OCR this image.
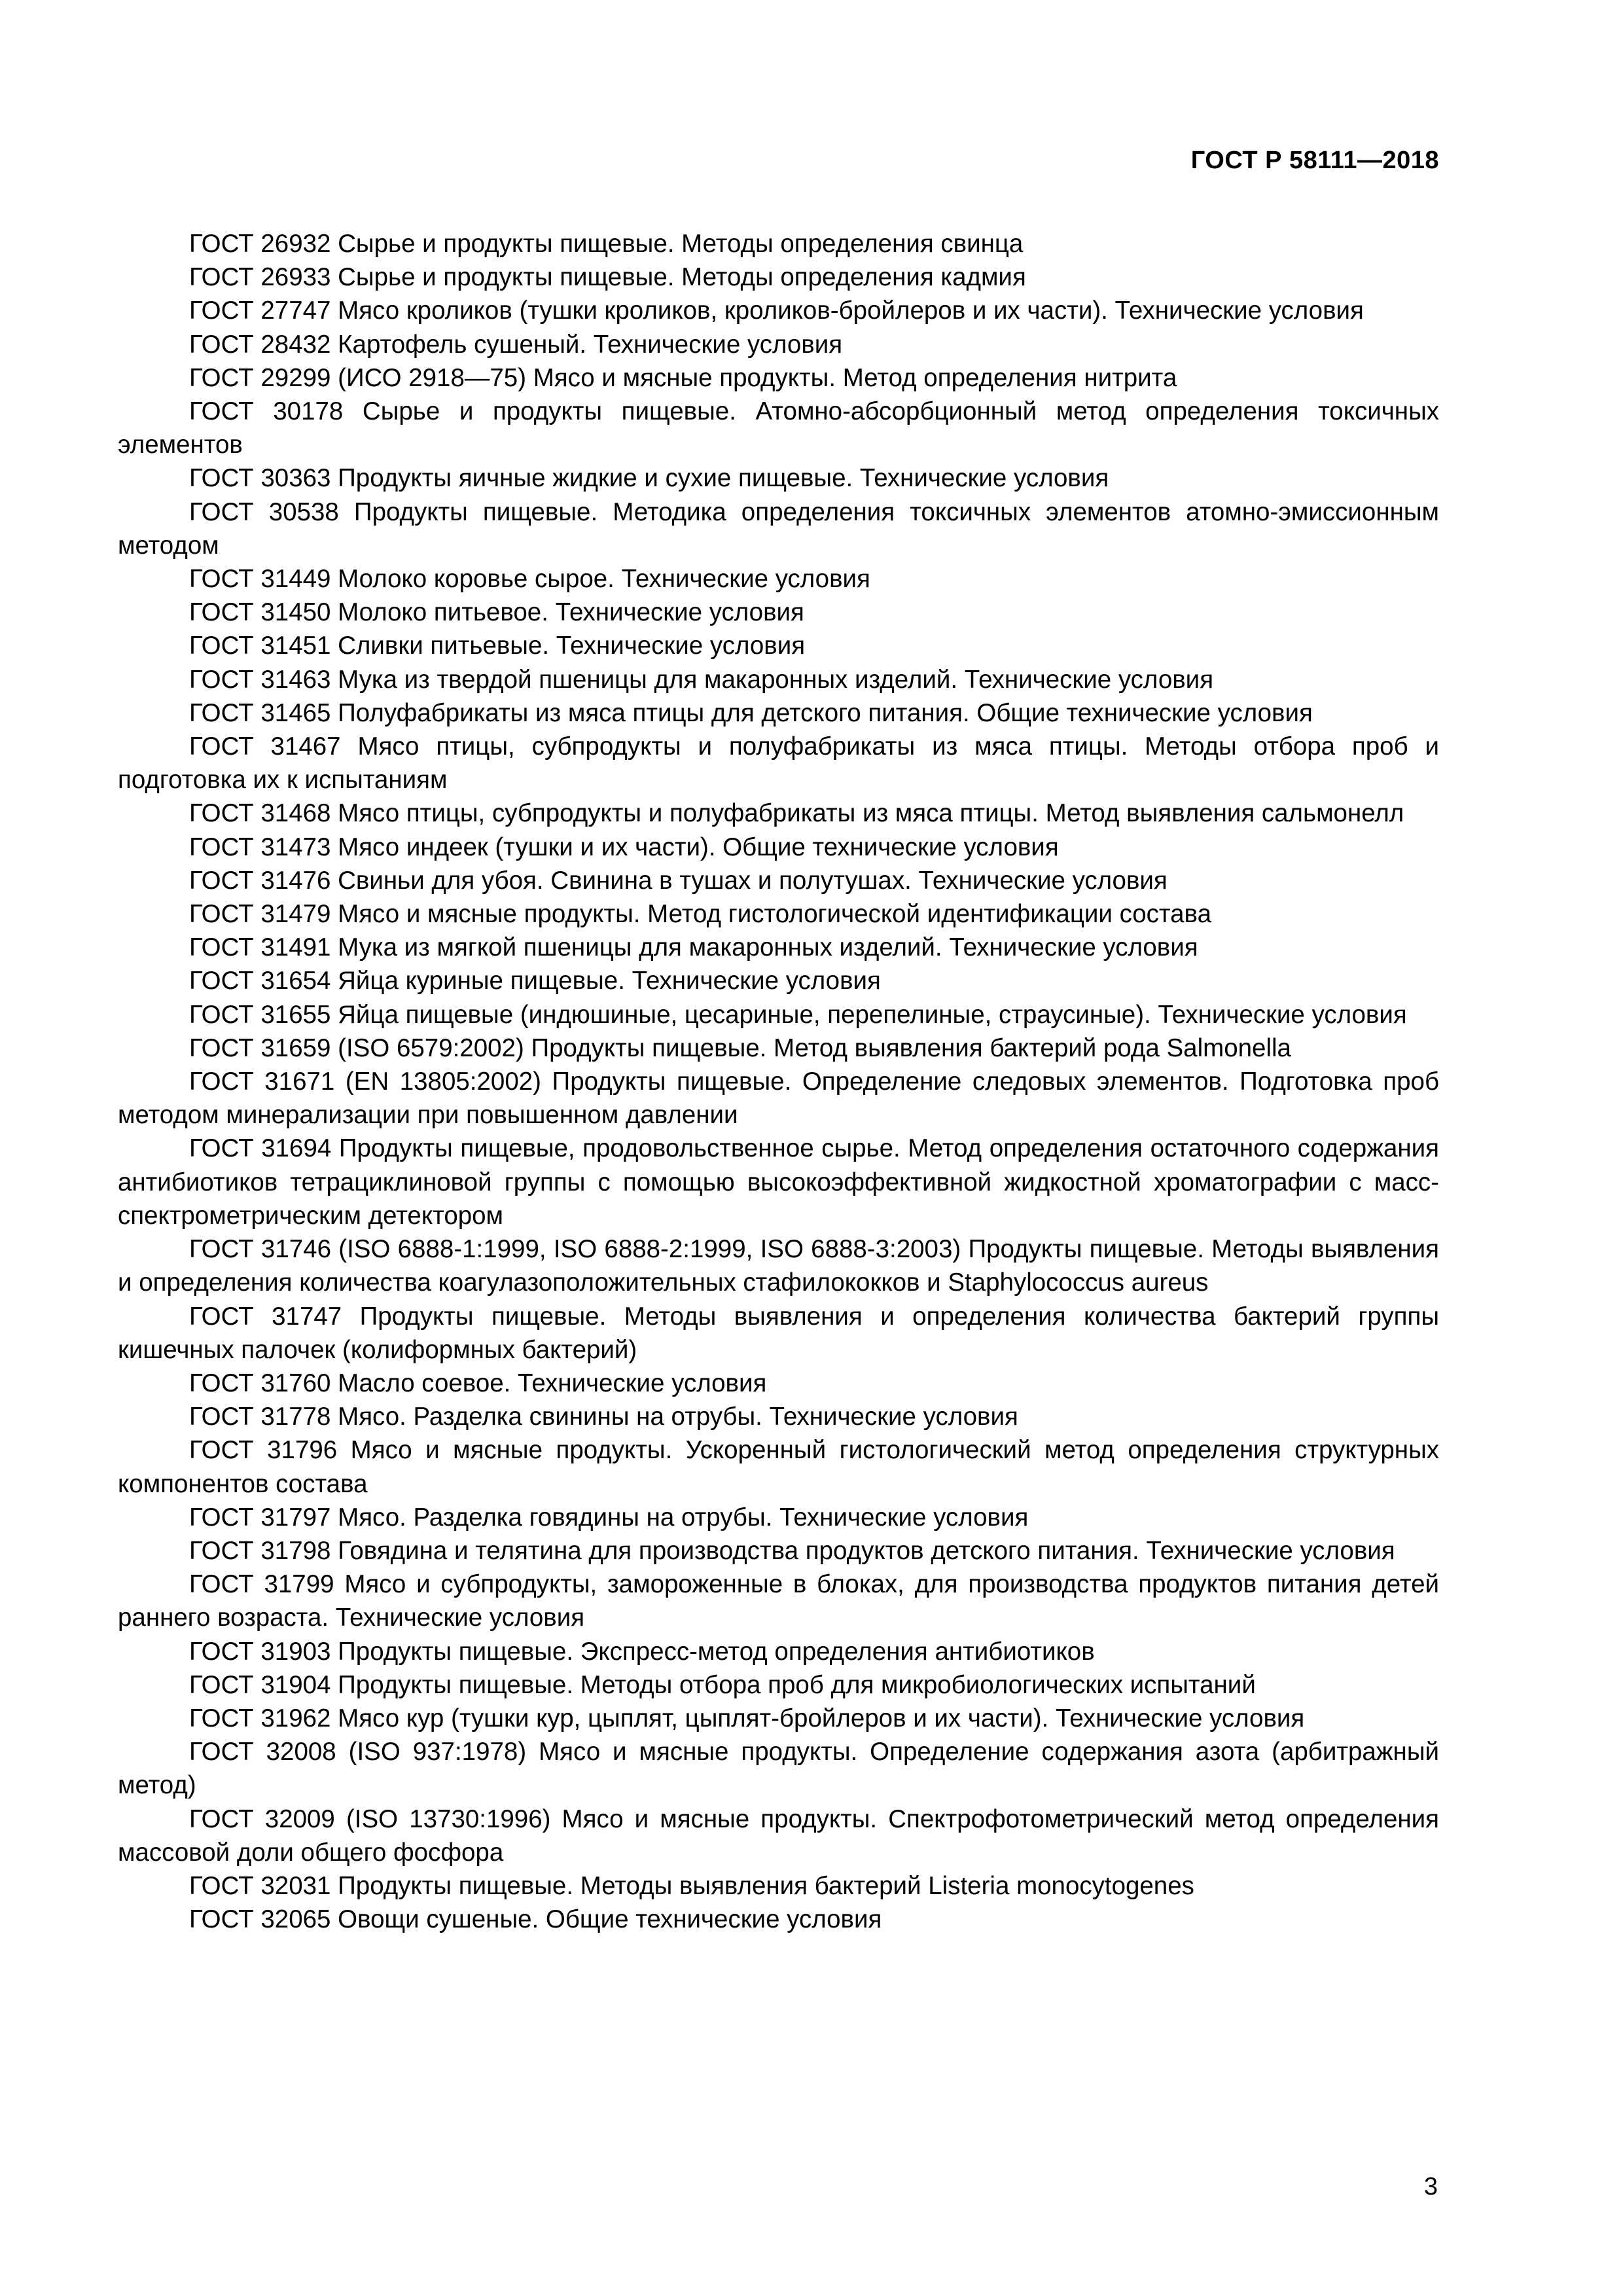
ГОСТ Р 58111—2018

ГОСТ 26932 Сырье и продукты пищевые. Методы определения свинца

ГОСТ 26933 Сырье и продукты пищевые. Методы определения кадмия

ГОСТ 27747 Мясо кроликов (тушки кроликов, кроликов-бройлеров и их части). Технические условия

ГОСТ 28432 Картофель сушеный. Технические условия

ГОСТ 29299 (ИСО 2918—75) Мясо и мясные продукты. Метод определения нитрита

ГОСТ 30178 Сырье и продукты пищевые. Атомно-абсорбционный метод определения токсичных элементов

ГОСТ 30363 Продукты яичные жидкие и сухие пищевые. Технические условия

ГОСТ 30538 Продукты пищевые. Методика определения токсичных элементов атомно-эмиссионным методом

ГОСТ 31449 Молоко коровье сырое. Технические условия

ГОСТ 31450 Молоко питьевое. Технические условия

ГОСТ 31451 Сливки питьевые. Технические условия

ГОСТ 31463 Мука из твердой пшеницы для макаронных изделий. Технические условия

ГОСТ 31465 Полуфабрикаты из мяса птицы для детского питания. Общие технические условия

ГОСТ 31467 Мясо птицы, субпродукты и полуфабрикаты из мяса птицы. Методы отбора проб и подготовка их к испытаниям

ГОСТ 31468 Мясо птицы, субпродукты и полуфабрикаты из мяса птицы. Метод выявления сальмонелл

ГОСТ 31473 Мясо индеек (тушки и их части). Общие технические условия

ГОСТ 31476 Свиньи для убоя. Свинина в тушах и полутушах. Технические условия

ГОСТ 31479 Мясо и мясные продукты. Метод гистологической идентификации состава

ГОСТ 31491 Мука из мягкой пшеницы для макаронных изделий. Технические условия

ГОСТ 31654 Яйца куриные пищевые. Технические условия

ГОСТ 31655 Яйца пищевые (индюшиные, цесариные, перепелиные, страусиные). Технические условия

ГОСТ 31659 (ISO 6579:2002) Продукты пищевые. Метод выявления бактерий рода Salmonella

ГОСТ 31671 (EN 13805:2002) Продукты пищевые. Определение следовых элементов. Подготовка проб методом минерализации при повышенном давлении

ГОСТ 31694 Продукты пищевые, продовольственное сырье. Метод определения остаточного содержания антибиотиков тетрациклиновой группы с помощью высокоэффективной жидкостной хроматографии с масс-спектрометрическим детектором

ГОСТ 31746 (ISO 6888-1:1999, ISO 6888-2:1999, ISO 6888-3:2003) Продукты пищевые. Методы выявления и определения количества коагулазоположительных стафилококков и Staphylococcus aureus

ГОСТ 31747 Продукты пищевые. Методы выявления и определения количества бактерий группы кишечных палочек (колиформных бактерий)

ГОСТ 31760 Масло соевое. Технические условия

ГОСТ 31778 Мясо. Разделка свинины на отрубы. Технические условия

ГОСТ 31796 Мясо и мясные продукты. Ускоренный гистологический метод определения структурных компонентов состава

ГОСТ 31797 Мясо. Разделка говядины на отрубы. Технические условия

ГОСТ 31798 Говядина и телятина для производства продуктов детского питания. Технические условия

ГОСТ 31799 Мясо и субпродукты, замороженные в блоках, для производства продуктов питания детей раннего возраста. Технические условия

ГОСТ 31903 Продукты пищевые. Экспресс-метод определения антибиотиков

ГОСТ 31904 Продукты пищевые. Методы отбора проб для микробиологических испытаний

ГОСТ 31962 Мясо кур (тушки кур, цыплят, цыплят-бройлеров и их части). Технические условия

ГОСТ 32008 (ISO 937:1978) Мясо и мясные продукты. Определение содержания азота (арбитражный метод)

ГОСТ 32009 (ISO 13730:1996) Мясо и мясные продукты. Спектрофотометрический метод определения массовой доли общего фосфора

ГОСТ 32031 Продукты пищевые. Методы выявления бактерий Listeria monocytogenes

ГОСТ 32065 Овощи сушеные. Общие технические условия

3
